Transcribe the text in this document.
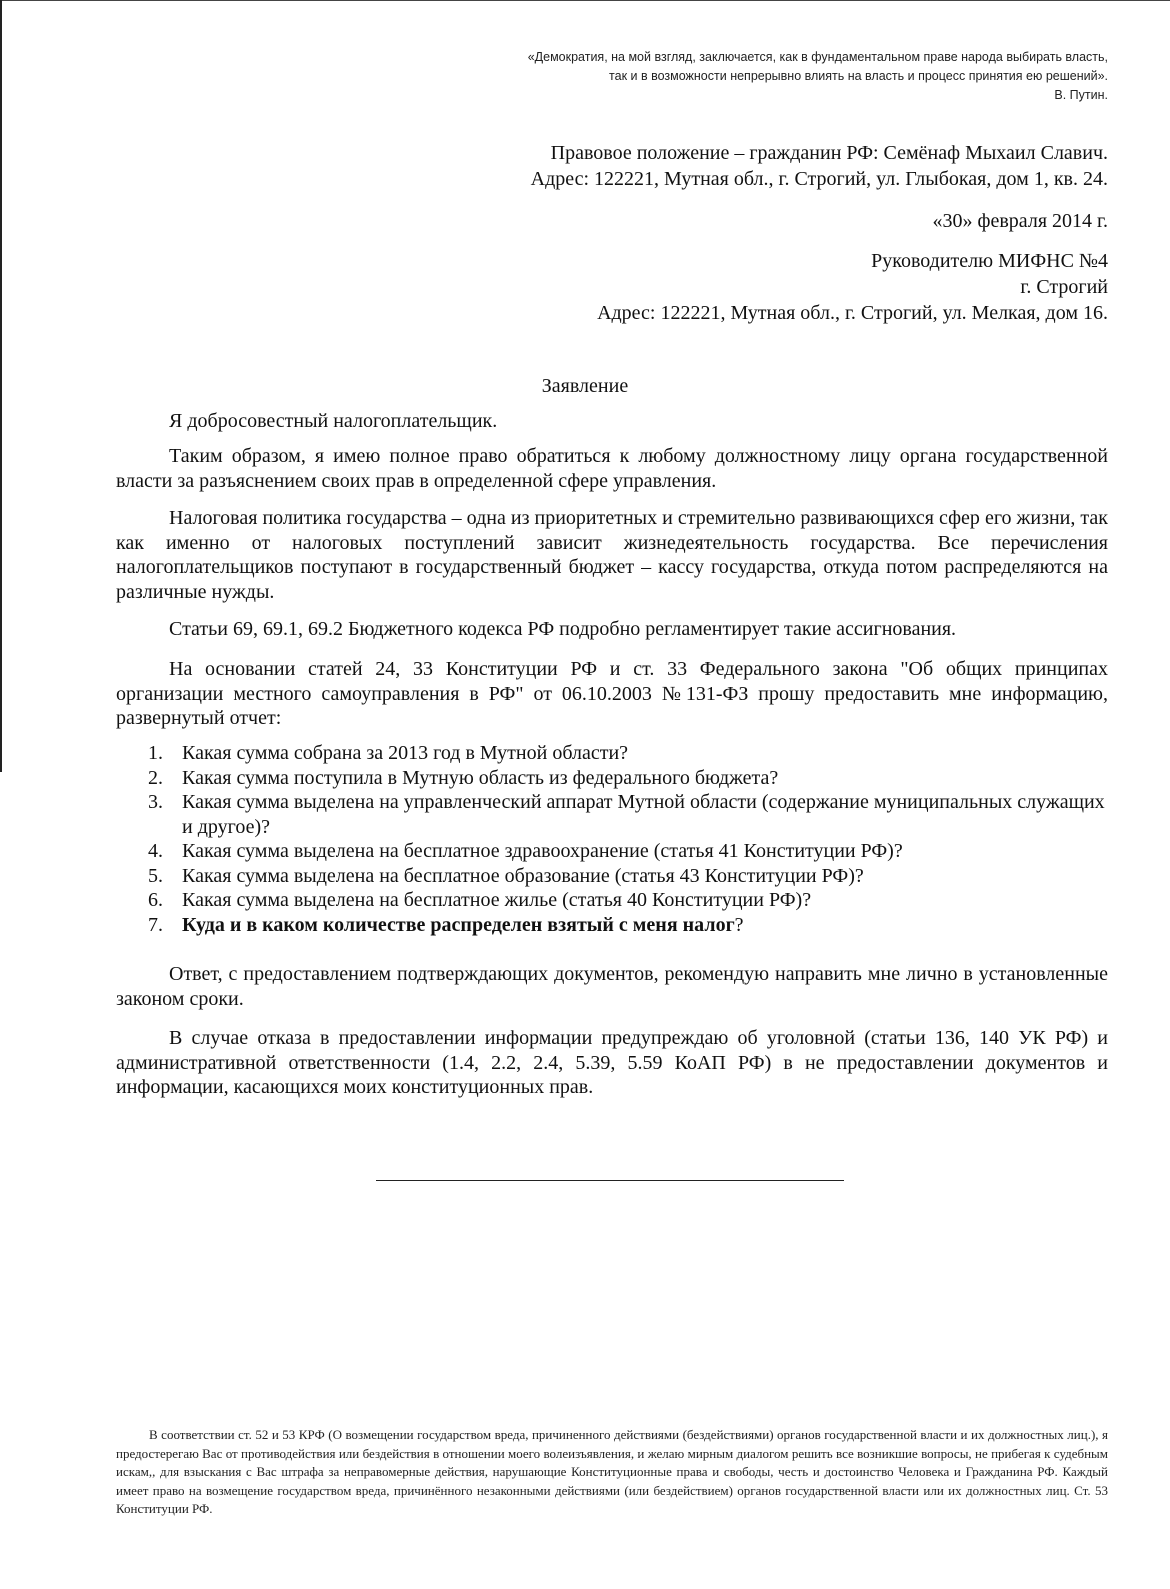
«Демократия, на мой взгляд, заключается, как в фундаментальном праве народа выбирать власть,
так и в возможности непрерывно влиять на власть и процесс принятия ею решений».
В. Путин.
Правовое положение – гражданин РФ: Семёнаф Мыхаил Славич.
Адрес: 122221, Мутная обл., г. Строгий, ул. Глыбокая, дом 1, кв. 24.
«30» февраля 2014 г.
Руководителю МИФНС №4
г. Строгий
Адрес: 122221, Мутная обл., г. Строгий, ул. Мелкая, дом 16.
Заявление

Я добросовестный налогоплательщик.

Таким образом, я имею полное право обратиться к любому должностному лицу органа государственной власти за разъяснением своих прав в определенной сфере управления.

Налоговая политика государства – одна из приоритетных и стремительно развивающихся сфер его жизни, так как именно от налоговых поступлений зависит жизнедеятельность государства. Все перечисления налогоплательщиков поступают в государственный бюджет – кассу государства, откуда потом распределяются на различные нужды.

Статьи 69, 69.1, 69.2 Бюджетного кодекса РФ подробно регламентирует такие ассигнования.

На основании статей 24, 33 Конституции РФ и ст. 33 Федерального закона "Об общих принципах организации местного самоуправления в РФ" от 06.10.2003 №131-ФЗ прошу предоставить мне информацию, развернутый отчет:

1. Какая сумма собрана за 2013 год в Мутной области?
2. Какая сумма поступила в Мутную область из федерального бюджета?
3. Какая сумма выделена на управленческий аппарат Мутной области (содержание муниципальных служащих и другое)?
4. Какая сумма выделена на бесплатное здравоохранение (статья 41 Конституции РФ)?
5. Какая сумма выделена на бесплатное образование (статья 43 Конституции РФ)?
6. Какая сумма выделена на бесплатное жилье (статья 40 Конституции РФ)?
7. Куда и в каком количестве распределен взятый с меня налог?

Ответ, с предоставлением подтверждающих документов, рекомендую направить мне лично в установленные законом сроки.

В случае отказа в предоставлении информации предупреждаю об уголовной (статьи 136, 140 УК РФ) и административной ответственности (1.4, 2.2, 2.4, 5.39, 5.59 КоАП РФ) в не предоставлении документов и информации, касающихся моих конституционных прав.

В соответствии ст. 52 и 53 КРФ (О возмещении государством вреда, причиненного действиями (бездействиями) органов государственной власти и их должностных лиц.), я предостерегаю Вас от противодействия или бездействия в отношении моего волеизъявления, и желаю мирным диалогом решить все возникшие вопросы, не прибегая к судебным искам,, для взыскания с Вас штрафа за неправомерные действия, нарушающие Конституционные права и свободы, честь и достоинство Человека и Гражданина РФ. Каждый имеет право на возмещение государством вреда, причинённого незаконными действиями (или бездействием) органов государственной власти или их должностных лиц. Ст. 53 Конституции РФ.
